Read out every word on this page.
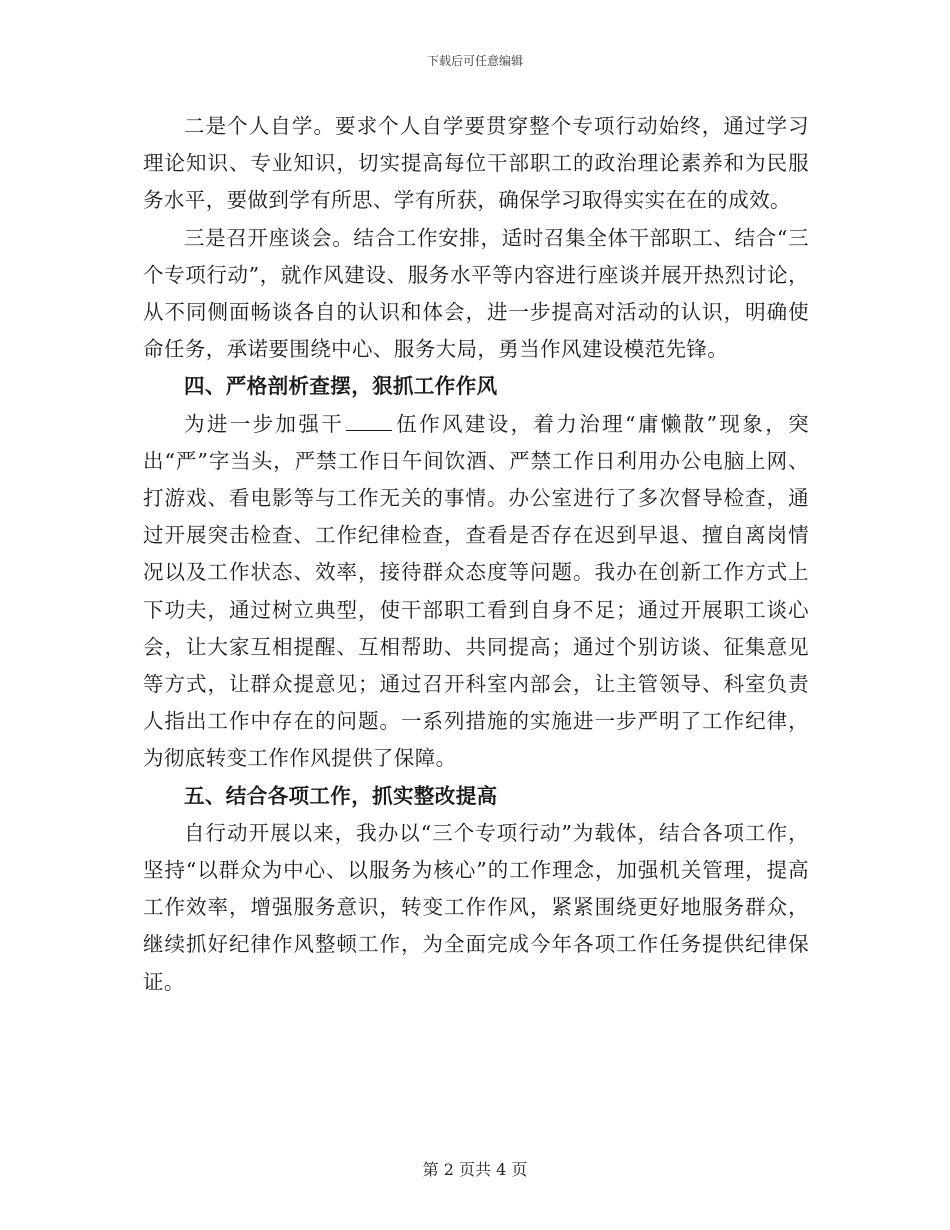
下载后可任意编辑

二是个人自学。要求个人自学要贯穿整个专项行动始终，通过学习理论知识、专业知识，切实提高每位干部职工的政治理论素养和为民服务水平，要做到学有所思、学有所获，确保学习取得实实在在的成效。

三是召开座谈会。结合工作安排，适时召集全体干部职工、结合“三个专项行动”，就作风建设、服务水平等内容进行座谈并展开热烈讨论，从不同侧面畅谈各自的认识和体会，进一步提高对活动的认识，明确使命任务，承诺要围绕中心、服务大局，勇当作风建设模范先锋。

四、严格剖析查摆，狠抓工作作风

为进一步加强干 伍作风建设，着力治理“庸懒散”现象，突出“严”字当头，严禁工作日午间饮酒、严禁工作日利用办公电脑上网、打游戏、看电影等与工作无关的事情。办公室进行了多次督导检查，通过开展突击检查、工作纪律检查，查看是否存在迟到早退、擅自离岗情况以及工作状态、效率，接待群众态度等问题。我办在创新工作方式上下功夫，通过树立典型，使干部职工看到自身不足；通过开展职工谈心会，让大家互相提醒、互相帮助、共同提高；通过个别访谈、征集意见等方式，让群众提意见；通过召开科室内部会，让主管领导、科室负责人指出工作中存在的问题。一系列措施的实施进一步严明了工作纪律，为彻底转变工作作风提供了保障。

五、结合各项工作，抓实整改提高

自行动开展以来，我办以“三个专项行动”为载体，结合各项工作，坚持“以群众为中心、以服务为核心”的工作理念，加强机关管理，提高工作效率，增强服务意识，转变工作作风，紧紧围绕更好地服务群众，继续抓好纪律作风整顿工作，为全面完成今年各项工作任务提供纪律保证。

第 2 页共 4 页
